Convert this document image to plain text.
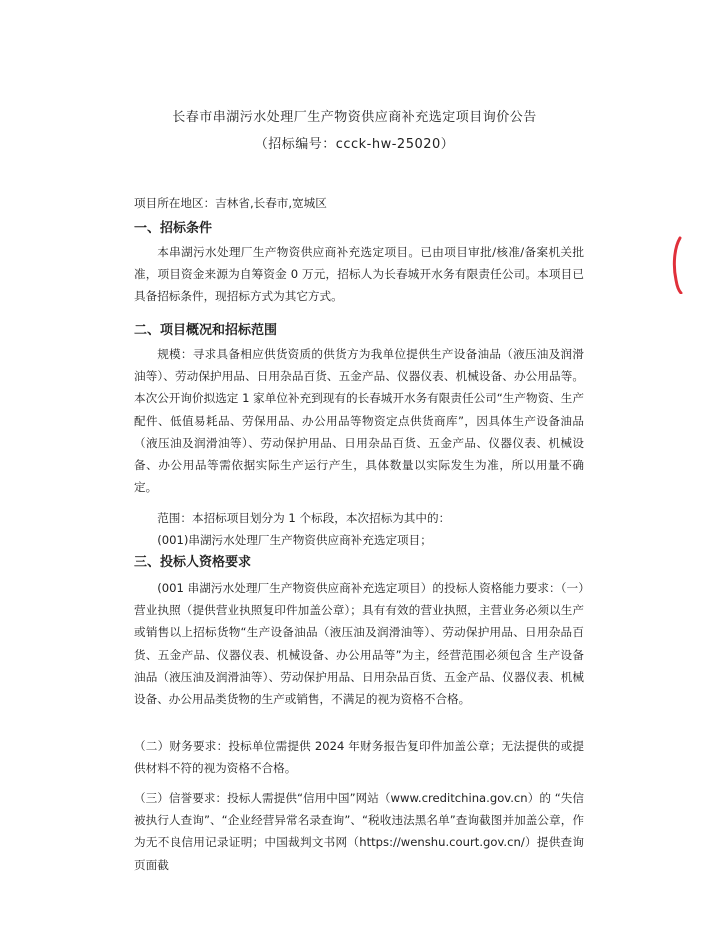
长春市串湖污水处理厂生产物资供应商补充选定项目询价公告
（招标编号：ccck-hw-25020）
项目所在地区：吉林省,长春市,宽城区
一、招标条件
本串湖污水处理厂生产物资供应商补充选定项目。已由项目审批/核准/备案机关批准，项目资金来源为自筹资金 0 万元，招标人为长春城开水务有限责任公司。本项目已具备招标条件，现招标方式为其它方式。
二、项目概况和招标范围
规模：寻求具备相应供货资质的供货方为我单位提供生产设备油品（液压油及润滑油等）、劳动保护用品、日用杂品百货、五金产品、仪器仪表、机械设备、办公用品等。本次公开询价拟选定 1 家单位补充到现有的长春城开水务有限责任公司“生产物资、生产配件、低值易耗品、劳保用品、办公用品等物资定点供货商库”，因具体生产设备油品（液压油及润滑油等）、劳动保护用品、日用杂品百货、五金产品、仪器仪表、机械设备、办公用品等需依据实际生产运行产生，具体数量以实际发生为准，所以用量不确定。
范围：本招标项目划分为 1 个标段，本次招标为其中的：
(001)串湖污水处理厂生产物资供应商补充选定项目；
三、投标人资格要求
(001 串湖污水处理厂生产物资供应商补充选定项目）的投标人资格能力要求：（一）营业执照（提供营业执照复印件加盖公章）；具有有效的营业执照，主营业务必须以生产或销售以上招标货物“生产设备油品（液压油及润滑油等）、劳动保护用品、日用杂品百货、五金产品、仪器仪表、机械设备、办公用品等”为主，经营范围必须包含 生产设备油品（液压油及润滑油等）、劳动保护用品、日用杂品百货、五金产品、仪器仪表、机械设备、办公用品类货物的生产或销售，不满足的视为资格不合格。
（二）财务要求：投标单位需提供 2024 年财务报告复印件加盖公章；无法提供的或提供材料不符的视为资格不合格。
（三）信誉要求：投标人需提供“信用中国”网站（www.creditchina.gov.cn）的 “失信被执行人查询”、“企业经营异常名录查询”、“税收违法黑名单”查询截图并加盖公章，作为无不良信用记录证明；中国裁判文书网（https://wenshu.court.gov.cn/）提供查询页面截
